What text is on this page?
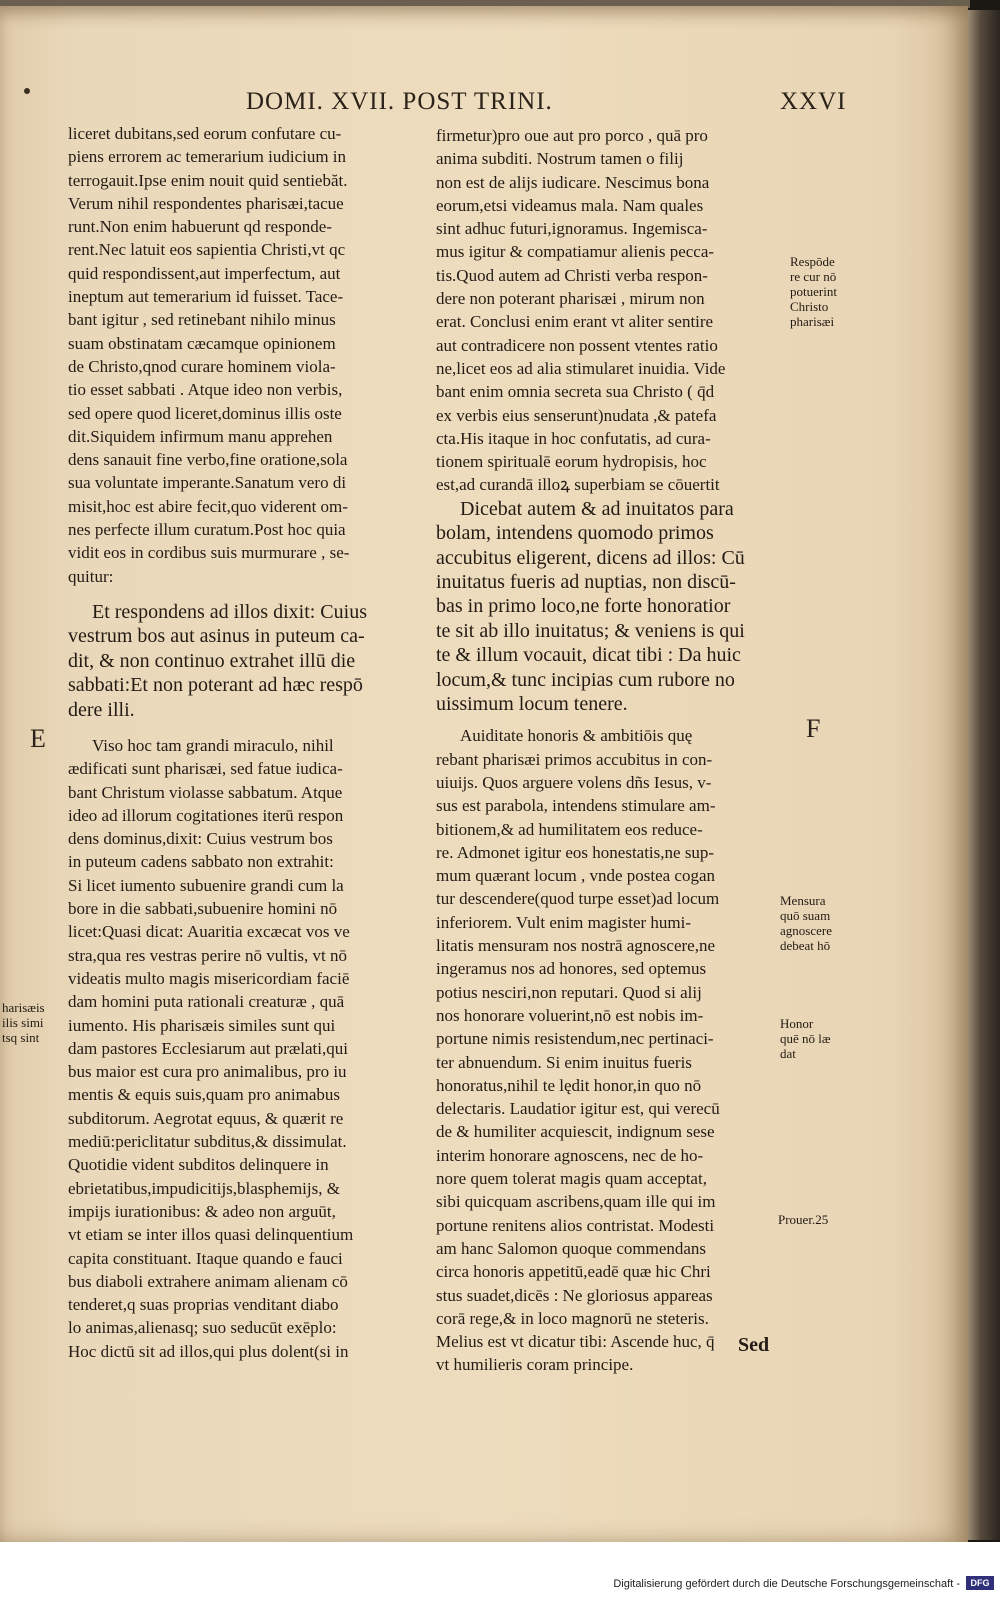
DOMI. XVII. POST TRINI.	XXVI

liceret dubitans,sed eorum confutare cu-

piens errorem ac temerarium iudicium in

terrogauit.Ipse enim nouit quid sentiebăt.

Verum nihil respondentes pharisæi,tacue

runt.Non enim habuerunt qd responde-

rent.Nec latuit eos sapientia Christi,vt qc

quid respondissent,aut imperfectum, aut

ineptum aut temerarium id fuisset. Tace-

bant igitur , sed retinebant nihilo minus

suam obstinatam cæcamque opinionem

de Christo,qnod curare hominem viola-

tio esset sabbati . Atque ideo non verbis,

sed opere quod liceret,dominus illis oste

dit.Siquidem infirmum manu apprehen

dens sanauit fine verbo,fine oratione,sola

sua voluntate imperante.Sanatum vero di

misit,hoc est abire fecit,quo viderent om-

nes perfecte illum curatum.Post hoc quia

vidit eos in cordibus suis murmurare , se-

quitur:

Et respondens ad illos dixit: Cuius

vestrum bos aut asinus in puteum ca-

dit, & non continuo extrahet illū die

sabbati:Et non poterant ad hæc respō

dere illi.

Viso hoc tam grandi miraculo, nihil

ædificati sunt pharisæi, sed fatue iudica-

bant Christum violasse sabbatum. Atque

ideo ad illorum cogitationes iterū respon

dens dominus,dixit: Cuius vestrum bos

in puteum cadens sabbato non extrahit:

Si licet iumento subuenire grandi cum la

bore in die sabbati,subuenire homini nō

licet:Quasi dicat: Auaritia excæcat vos ve

stra,qua res vestras perire nō vultis, vt nō

videatis multo magis misericordiam faciē

dam homini puta rationali creaturæ , quā

iumento. His pharisæis similes sunt qui

dam pastores Ecclesiarum aut prælati,qui

bus maior est cura pro animalibus, pro iu

mentis & equis suis,quam pro animabus

subditorum. Aegrotat equus, & quærit re

mediū:periclitatur subditus,& dissimulat.

Quotidie vident subditos delinquere in

ebrietatibus,impudicitijs,blasphemijs, &

impijs iurationibus: & adeo non arguūt,

vt etiam se inter illos quasi delinquentium

capita constituant. Itaque quando e fauci

bus diaboli extrahere animam alienam cō

tenderet,q suas proprias venditant diabo

lo animas,alienasq; suo seducūt exēplo:

Hoc dictū sit ad illos,qui plus dolent(si in

firmetur)pro oue aut pro porco , quā pro

anima subditi. Nostrum tamen o filij

non est de alijs iudicare. Nescimus bona

eorum,etsi videamus mala. Nam quales

sint adhuc futuri,ignoramus. Ingemisca-

mus igitur & compatiamur alienis pecca-

tis.Quod autem ad Christi verba respon-

dere non poterant pharisæi , mirum non

erat. Conclusi enim erant vt aliter sentire

aut contradicere non possent vtentes ratio

ne,licet eos ad alia stimularet inuidia. Vide

bant enim omnia secreta sua Christo ( q̄d

ex verbis eius senserunt)nudata ,& patefa

cta.His itaque in hoc confutatis, ad cura-

tionem spiritualē eorum hydropisis, hoc

est,ad curandā illoꝝ superbiam se cōuertit

Dicebat autem & ad inuitatos para

bolam, intendens quomodo primos

accubitus eligerent, dicens ad illos: Cū

inuitatus fueris ad nuptias, non discū-

bas in primo loco,ne forte honoratior

te sit ab illo inuitatus; & veniens is qui

te & illum vocauit, dicat tibi : Da huic

locum,& tunc incipias cum rubore no

uissimum locum tenere.

Auiditate honoris & ambitiōis quę

rebant pharisæi primos accubitus in con-

uiuijs. Quos arguere volens dñs Iesus, v-

sus est parabola, intendens stimulare am-

bitionem,& ad humilitatem eos reduce-

re. Admonet igitur eos honestatis,ne sup-

mum quærant locum , vnde postea cogan

tur descendere(quod turpe esset)ad locum

inferiorem. Vult enim magister humi-

litatis mensuram nos nostrā agnoscere,ne

ingeramus nos ad honores, sed optemus

potius nesciri,non reputari. Quod si alij

nos honorare voluerint,nō est nobis im-

portune nimis resistendum,nec pertinaci-

ter abnuendum. Si enim inuitus fueris

honoratus,nihil te lędit honor,in quo nō

delectaris. Laudatior igitur est, qui verecū

de & humiliter acquiescit, indignum sese

interim honorare agnoscens, nec de ho-

nore quem tolerat magis quam acceptat,

sibi quicquam ascribens,quam ille qui im

portune renitens alios contristat. Modesti

am hanc Salomon quoque commendans

circa honoris appetitū,eadē quæ hic Chri

stus suadet,dicēs : Ne gloriosus appareas

corā rege,& in loco magnorū ne steteris.

Melius est vt dicatur tibi: Ascende huc, q̄

vt humilieris coram principe.

E	F
Respōde
re cur nō
potuerint
Christo
pharisæi
Mensura
quō suam
agnoscere
debeat hō
Honor
quē nō læ
dat
Prouer.25
harisæis
ilis simi
tsq sint
Sed
Digitalisierung gefördert durch die Deutsche Forschungsgemeinschaft -	DFG
